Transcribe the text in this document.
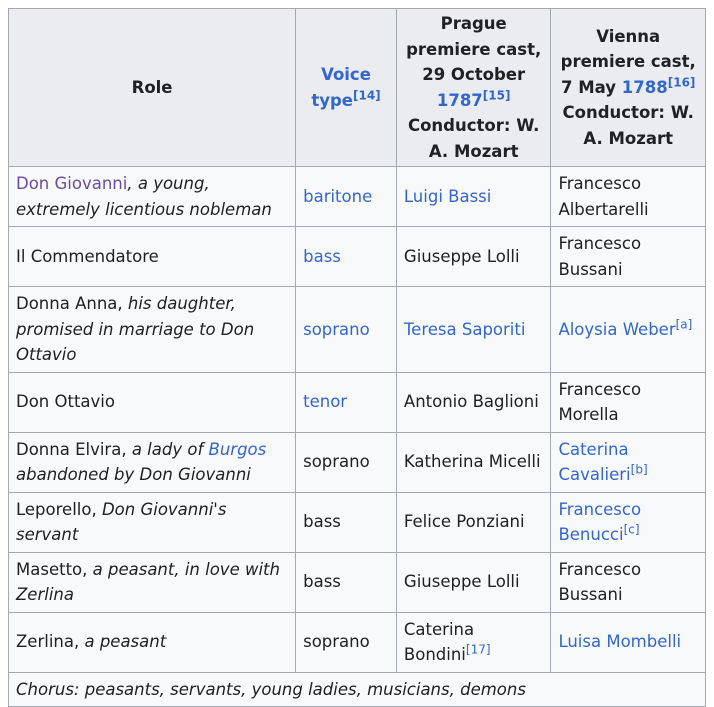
Role	Voice type[14]	Prague premiere cast, 29 October 1787[15] Conductor: W. A. Mozart	Vienna premiere cast, 7 May 1788[16] Conductor: W. A. Mozart
Don Giovanni, a young, extremely licentious nobleman	baritone	Luigi Bassi	Francesco Albertarelli
Il Commendatore	bass	Giuseppe Lolli	Francesco Bussani
Donna Anna, his daughter, promised in marriage to Don Ottavio	soprano	Teresa Saporiti	Aloysia Weber[a]
Don Ottavio	tenor	Antonio Baglioni	Francesco Morella
Donna Elvira, a lady of Burgos abandoned by Don Giovanni	soprano	Katherina Micelli	Caterina Cavalieri[b]
Leporello, Don Giovanni's servant	bass	Felice Ponziani	Francesco Benucci[c]
Masetto, a peasant, in love with Zerlina	bass	Giuseppe Lolli	Francesco Bussani
Zerlina, a peasant	soprano	Caterina Bondini[17]	Luisa Mombelli
Chorus: peasants, servants, young ladies, musicians, demons			
